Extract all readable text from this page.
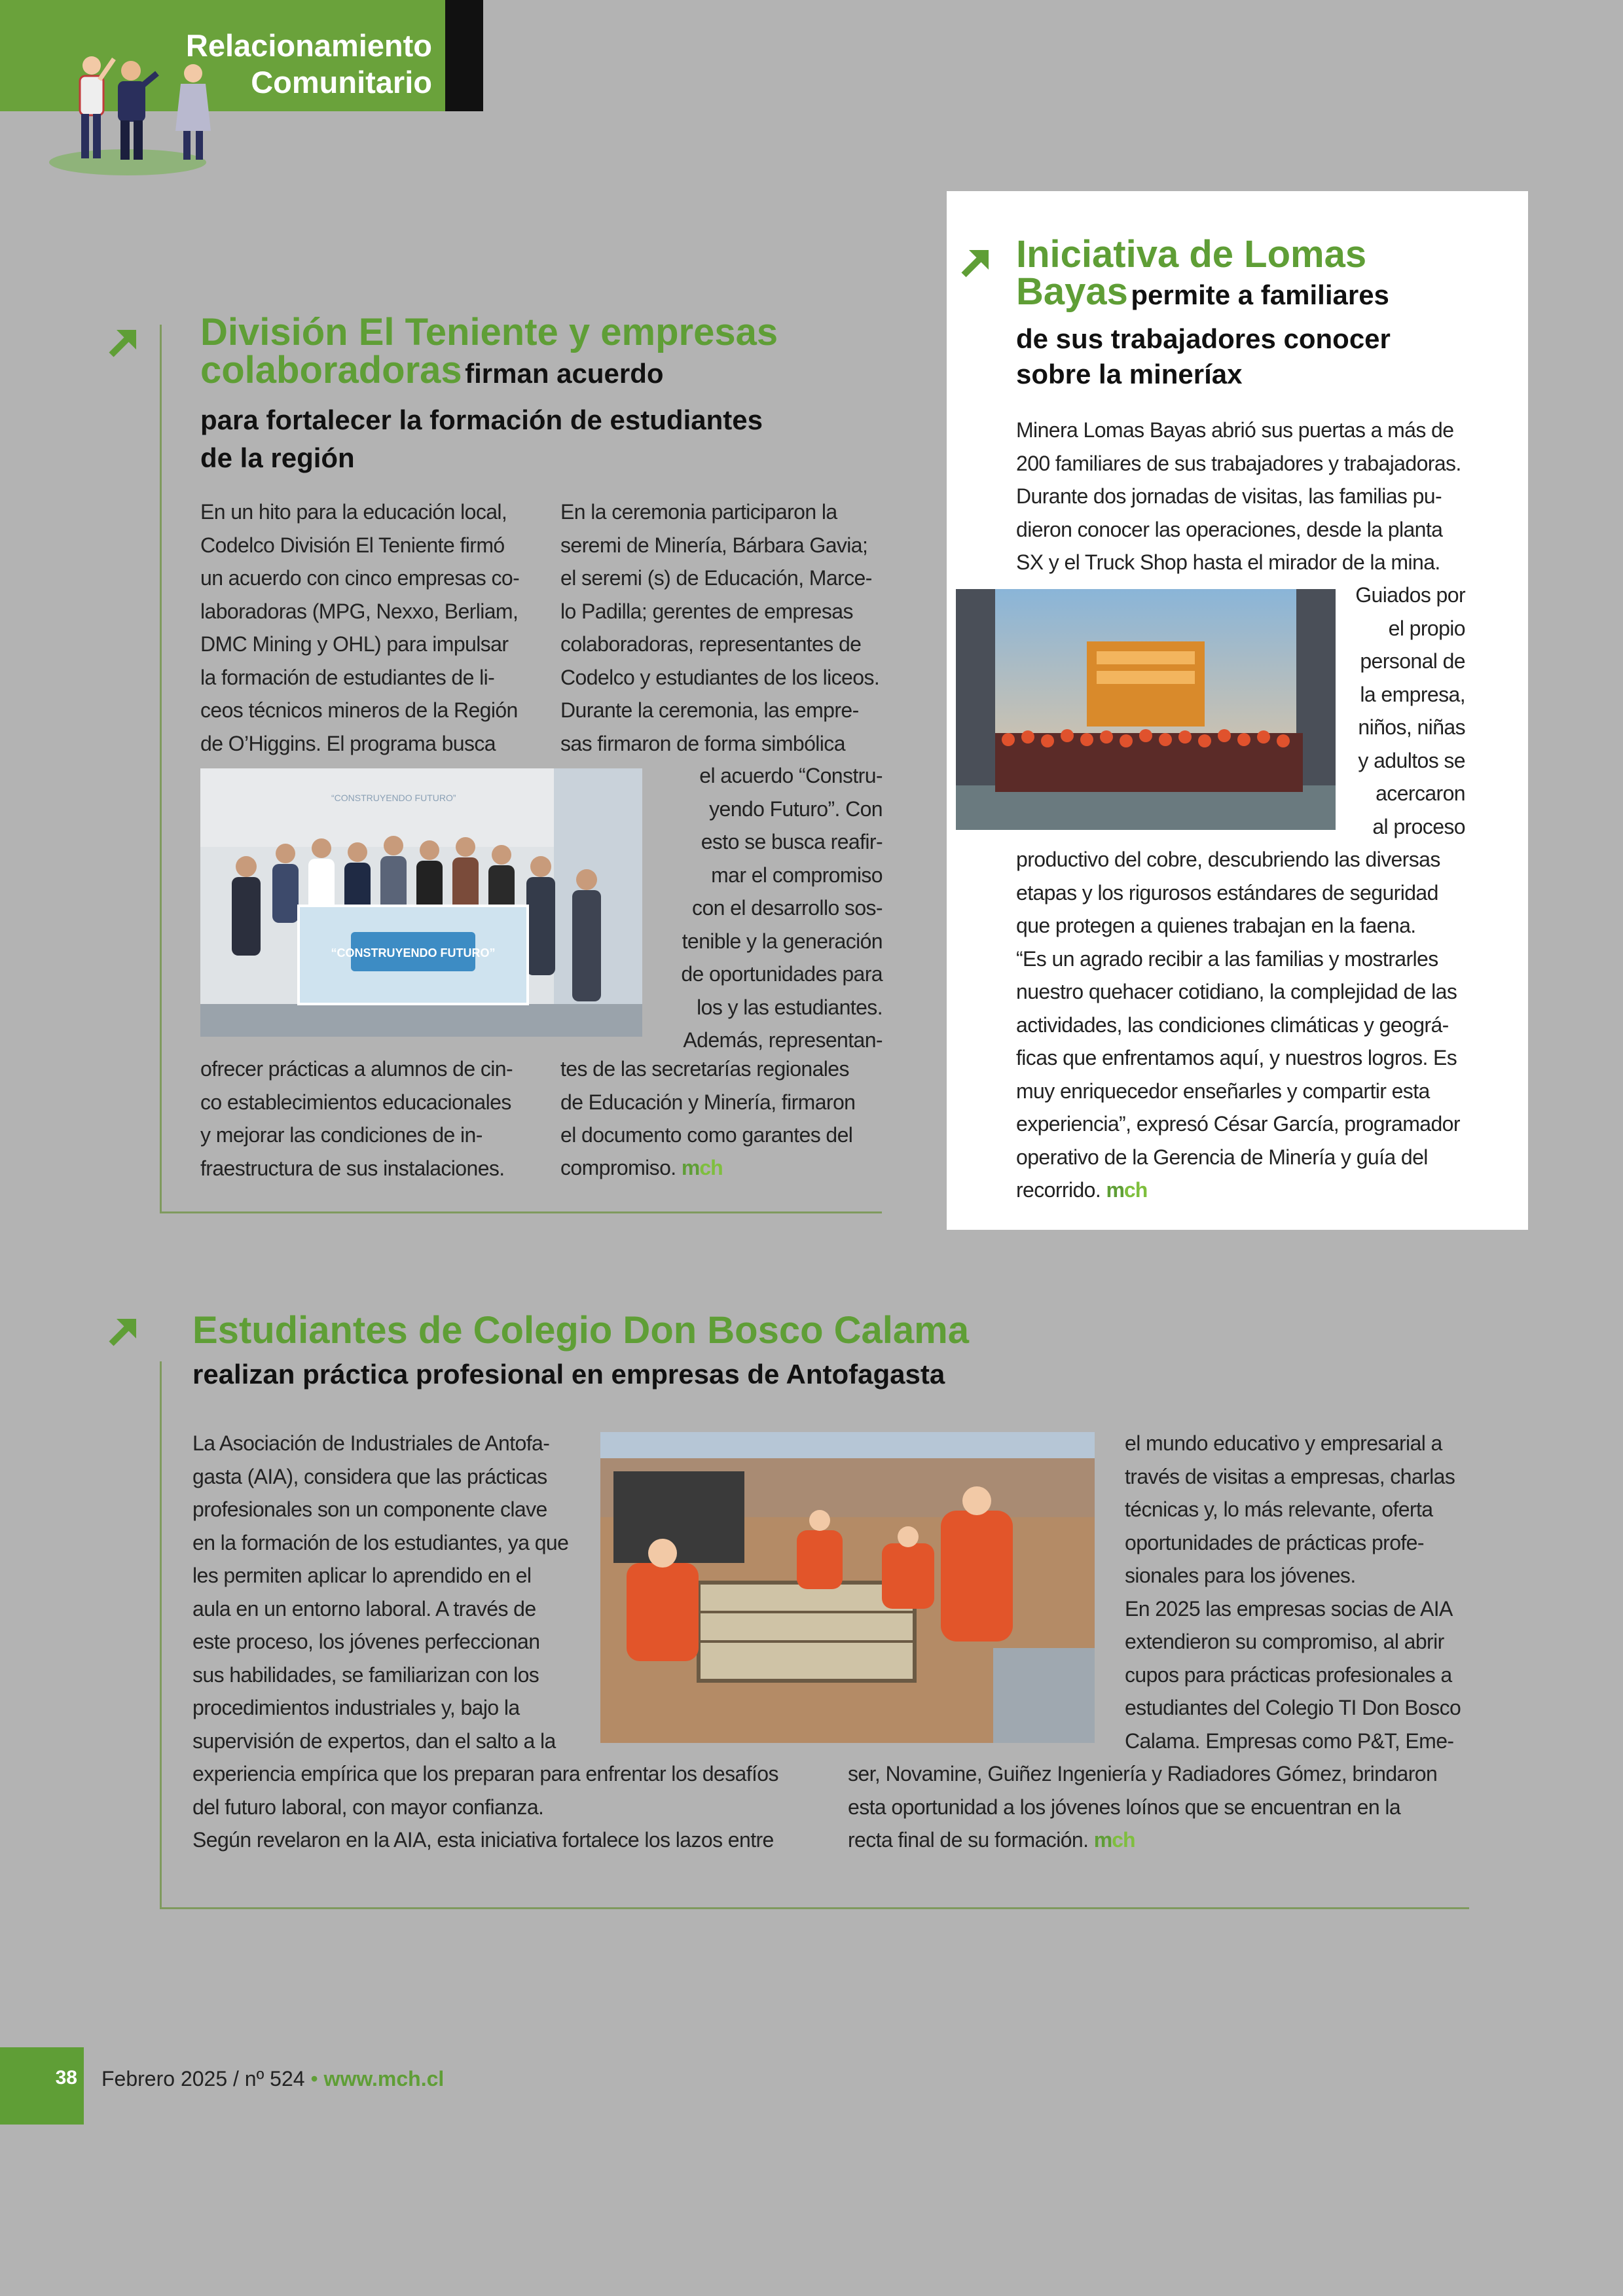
Relacionamiento
Comunitario
División El Teniente y empresas
colaboradoras firman acuerdo
para fortalecer la formación de estudiantes
de la región
En un hito para la educación local,
Codelco División El Teniente firmó
un acuerdo con cinco empresas co-
laboradoras (MPG, Nexxo, Berliam,
DMC Mining y OHL) para impulsar
la formación de estudiantes de li-
ceos técnicos mineros de la Región
de O’Higgins. El programa busca
ofrecer prácticas a alumnos de cin-
co establecimientos educacionales
y mejorar las condiciones de in-
fraestructura de sus instalaciones.
En la ceremonia participaron la
seremi de Minería, Bárbara Gavia;
el seremi (s) de Educación, Marce-
lo Padilla; gerentes de empresas
colaboradoras, representantes de
Codelco y estudiantes de los liceos.
Durante la ceremonia, las empre-
sas firmaron de forma simbólica
el acuerdo “Constru-
yendo Futuro”. Con
esto se busca reafir-
mar el compromiso
con el desarrollo sos-
tenible y la generación
de oportunidades para
los y las estudiantes.
Además, representan-
tes de las secretarías regionales
de Educación y Minería, firmaron
el documento como garantes del
compromiso. mch
“CONSTRUYENDO FUTURO”
“CONSTRUYENDO FUTURO”
Iniciativa de Lomas
Bayas permite a familiares
de sus trabajadores conocer
sobre la mineríax
Minera Lomas Bayas abrió sus puertas a más de
200 familiares de sus trabajadores y trabajadoras.
Durante dos jornadas de visitas, las familias pu-
dieron conocer las operaciones, desde la planta
SX y el Truck Shop hasta el mirador de la mina.
Guiados por
el propio
personal de
la empresa,
niños, niñas
y adultos se
acercaron
al proceso
productivo del cobre, descubriendo las diversas
etapas y los rigurosos estándares de seguridad
que protegen a quienes trabajan en la faena.
“Es un agrado recibir a las familias y mostrarles
nuestro quehacer cotidiano, la complejidad de las
actividades, las condiciones climáticas y geográ-
ficas que enfrentamos aquí, y nuestros logros. Es
muy enriquecedor enseñarles y compartir esta
experiencia”, expresó César García, programador
operativo de la Gerencia de Minería y guía del
recorrido. mch
Estudiantes de Colegio Don Bosco Calama
realizan práctica profesional en empresas de Antofagasta
La Asociación de Industriales de Antofa-
gasta (AIA), considera que las prácticas
profesionales son un componente clave
en la formación de los estudiantes, ya que
les permiten aplicar lo aprendido en el
aula en un entorno laboral. A través de
este proceso, los jóvenes perfeccionan
sus habilidades, se familiarizan con los
procedimientos industriales y, bajo la
supervisión de expertos, dan el salto a la
experiencia empírica que los preparan para enfrentar los desafíos
del futuro laboral, con mayor confianza.
Según revelaron en la AIA, esta iniciativa fortalece los lazos entre
el mundo educativo y empresarial a
través de visitas a empresas, charlas
técnicas y, lo más relevante, oferta
oportunidades de prácticas profe-
sionales para los jóvenes.
En 2025 las empresas socias de AIA
extendieron su compromiso, al abrir
cupos para prácticas profesionales a
estudiantes del Colegio TI Don Bosco
Calama. Empresas como P&T, Eme-
ser, Novamine, Guiñez Ingeniería y Radiadores Gómez, brindaron
esta oportunidad a los jóvenes loínos que se encuentran en la
recta final de su formación. mch
38 Febrero 2025 / nº 524 • www.mch.cl
